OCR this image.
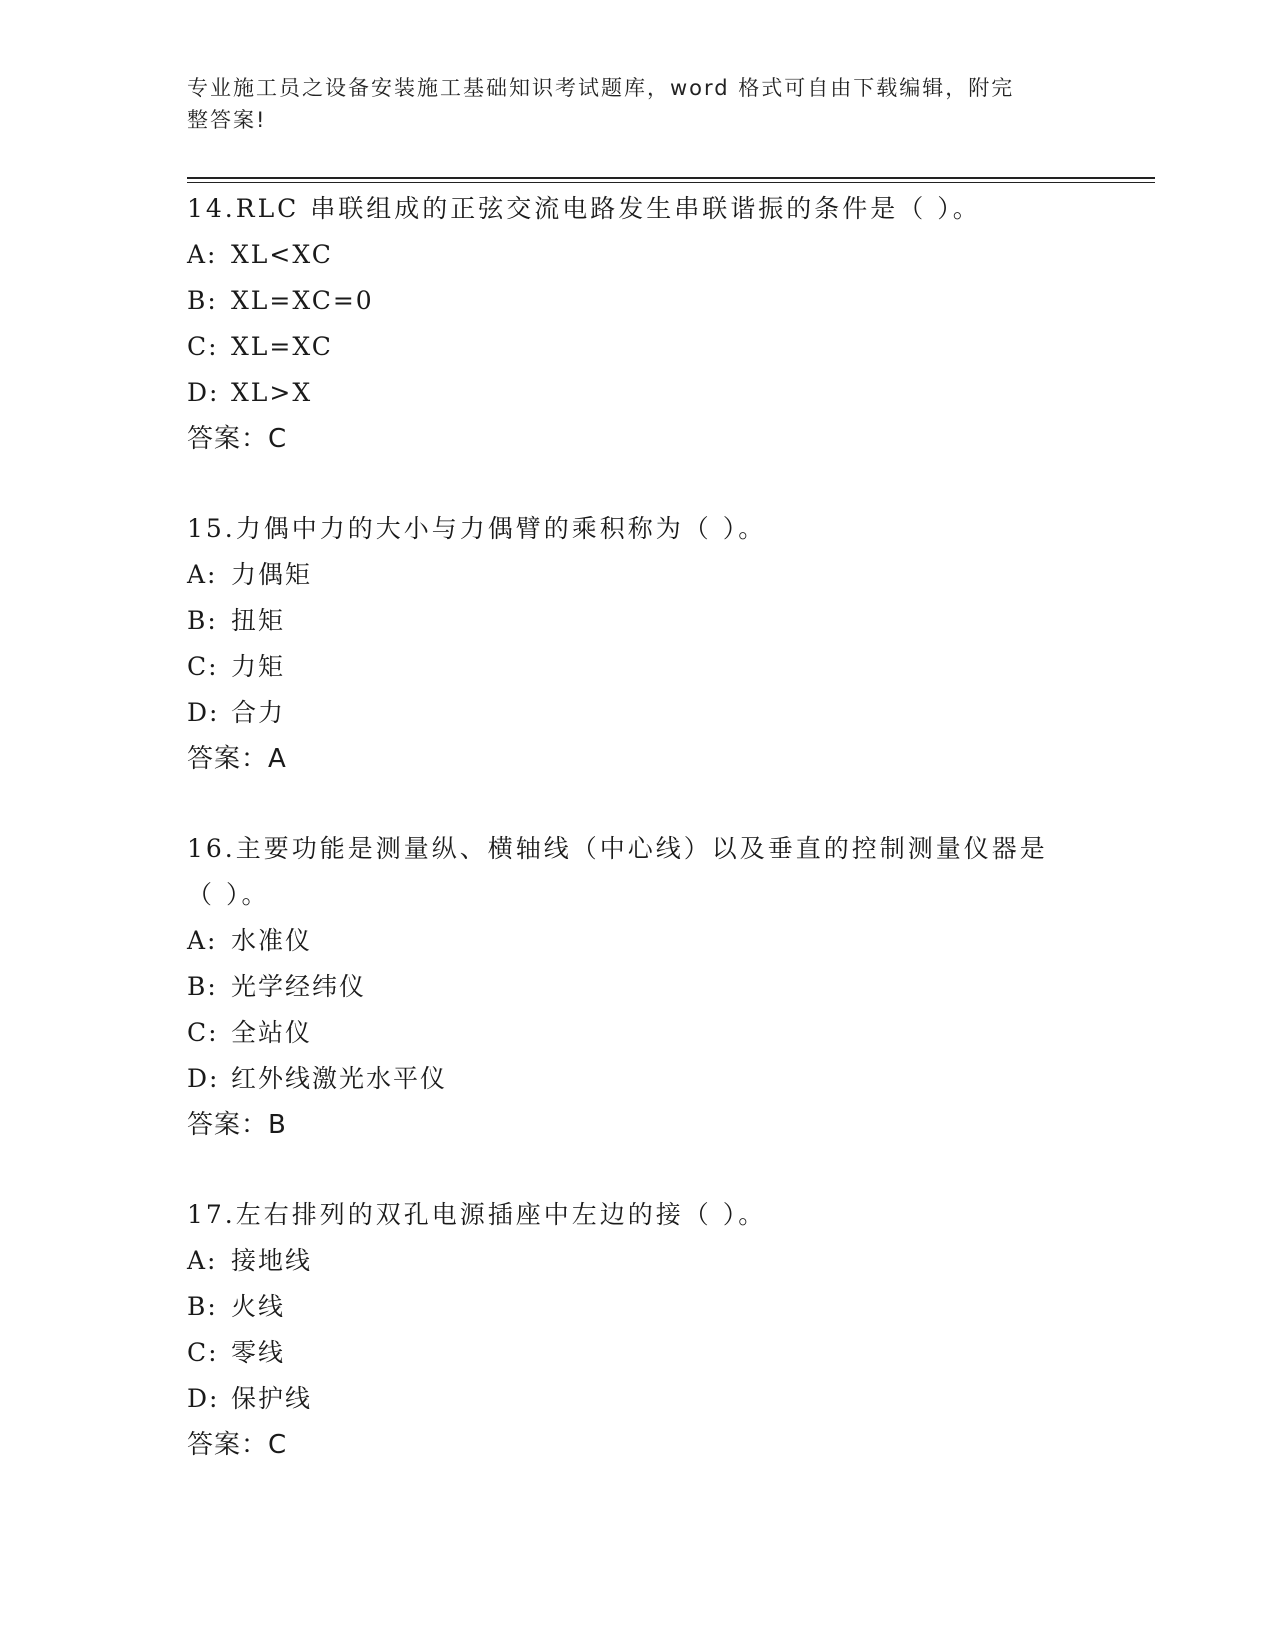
专业施工员之设备安装施工基础知识考试题库，word 格式可自由下载编辑，附完
整答案!
14.RLC 串联组成的正弦交流电路发生串联谐振的条件是（ ）。
A: XL<XC
B: XL=XC=0
C: XL=XC
D: XL>X
答案：C
15.力偶中力的大小与力偶臂的乘积称为（ ）。
A: 力偶矩
B: 扭矩
C: 力矩
D: 合力
答案：A
16.主要功能是测量纵、横轴线（中心线）以及垂直的控制测量仪器是
（ ）。
A: 水准仪
B: 光学经纬仪
C: 全站仪
D: 红外线激光水平仪
答案：B
17.左右排列的双孔电源插座中左边的接（ ）。
A: 接地线
B: 火线
C: 零线
D: 保护线
答案：C
